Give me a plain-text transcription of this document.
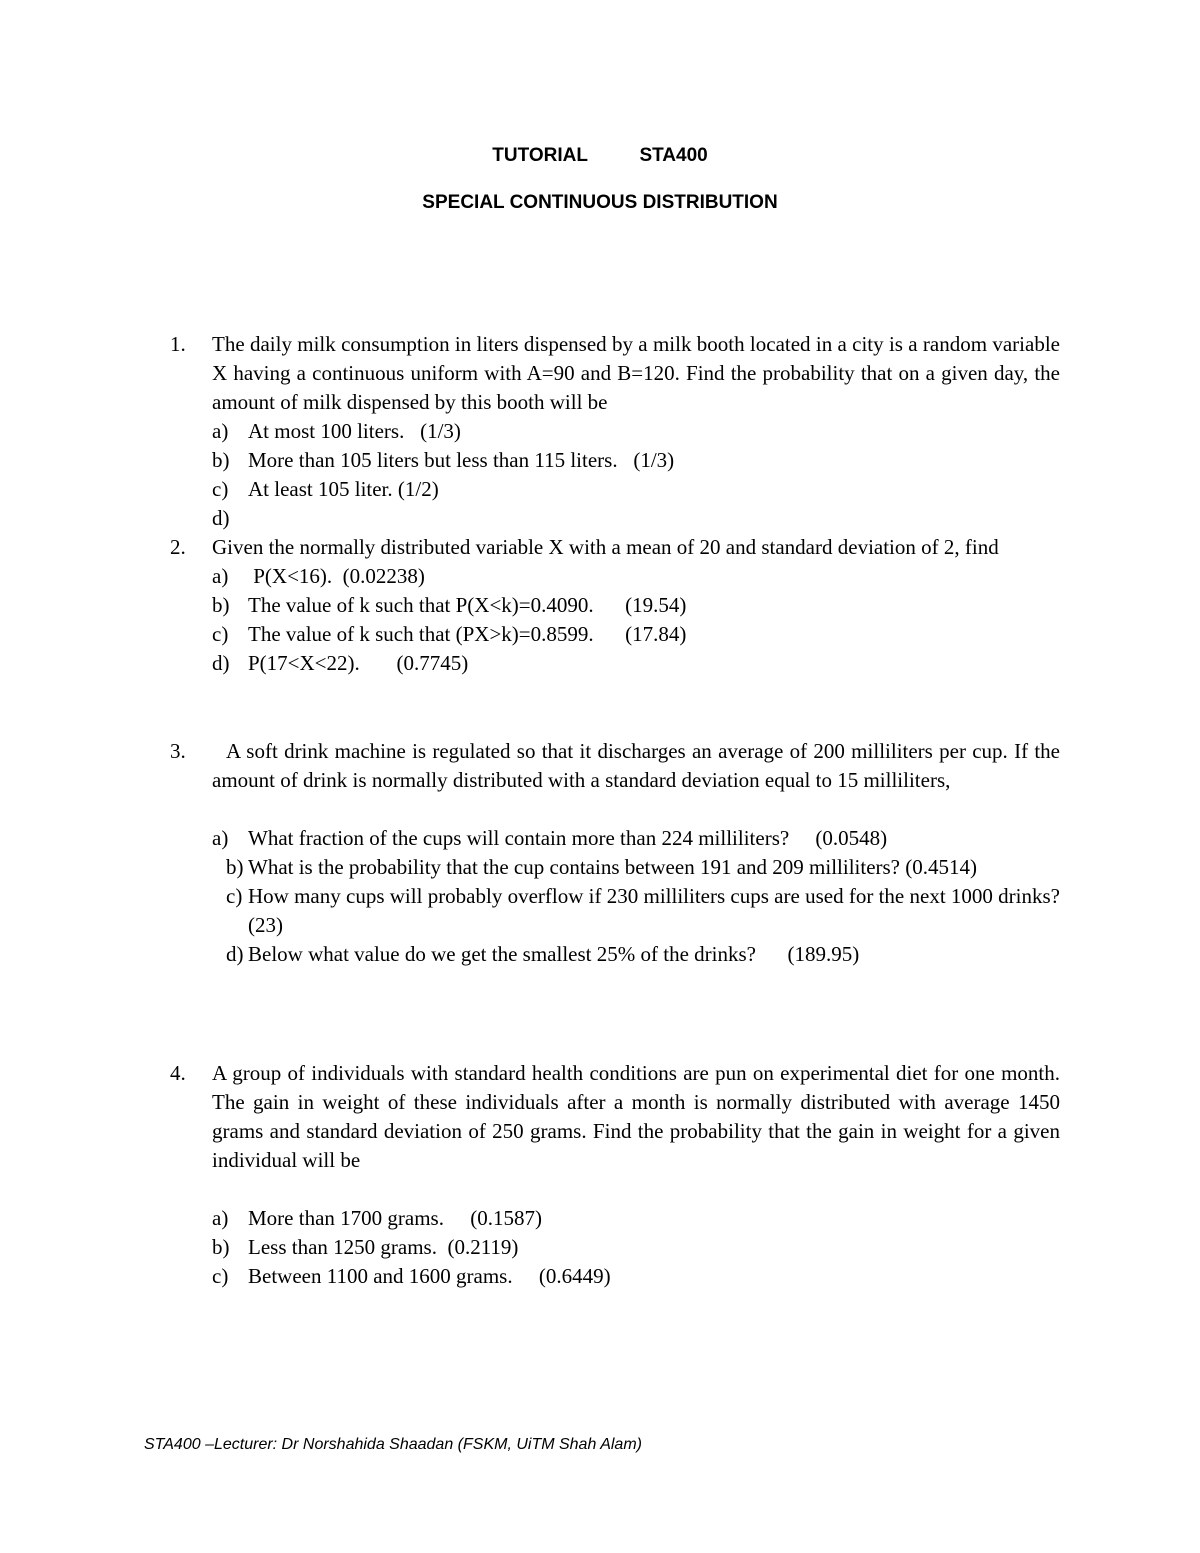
TUTORIAL   STA400
SPECIAL CONTINUOUS DISTRIBUTION
1.	The daily milk consumption in liters dispensed by a milk booth located in a city is a random variable X having a continuous uniform with A=90 and B=120. Find the probability that on a given day, the amount of milk dispensed by this booth will be
a) At most 100 liters.   (1/3)
b) More than 105 liters but less than 115 liters.   (1/3)
c) At least 105 liter. (1/2)
d)
2.	Given the normally distributed variable X with a mean of 20 and standard deviation of 2, find
a) P(X<16).  (0.02238)
b) The value of k such that P(X<k)=0.4090.      (19.54)
c) The value of k such that (PX>k)=0.8599.      (17.84)
d) P(17<X<22).       (0.7745)
3.	A soft drink machine is regulated so that it discharges an average of 200 milliliters per cup. If the amount of drink is normally distributed with a standard deviation equal to 15 milliliters,
a) What fraction of the cups will contain more than 224 milliliters?     (0.0548)
b) What is the probability that the cup contains between 191 and 209 milliliters? (0.4514)
c) How many cups will probably overflow if 230 milliliters cups are used for the next 1000 drinks?      (23)
d) Below what value do we get the smallest 25% of the drinks?      (189.95)
4.	A group of individuals with standard health conditions are pun on experimental diet for one month. The gain in weight of these individuals after a month is normally distributed with average 1450 grams and standard deviation of 250 grams. Find the probability that the gain in weight for a given individual will be
a) More than 1700 grams.     (0.1587)
b) Less than 1250 grams.  (0.2119)
c) Between 1100 and 1600 grams.     (0.6449)
STA400 –Lecturer: Dr Norshahida Shaadan (FSKM, UiTM Shah Alam)
